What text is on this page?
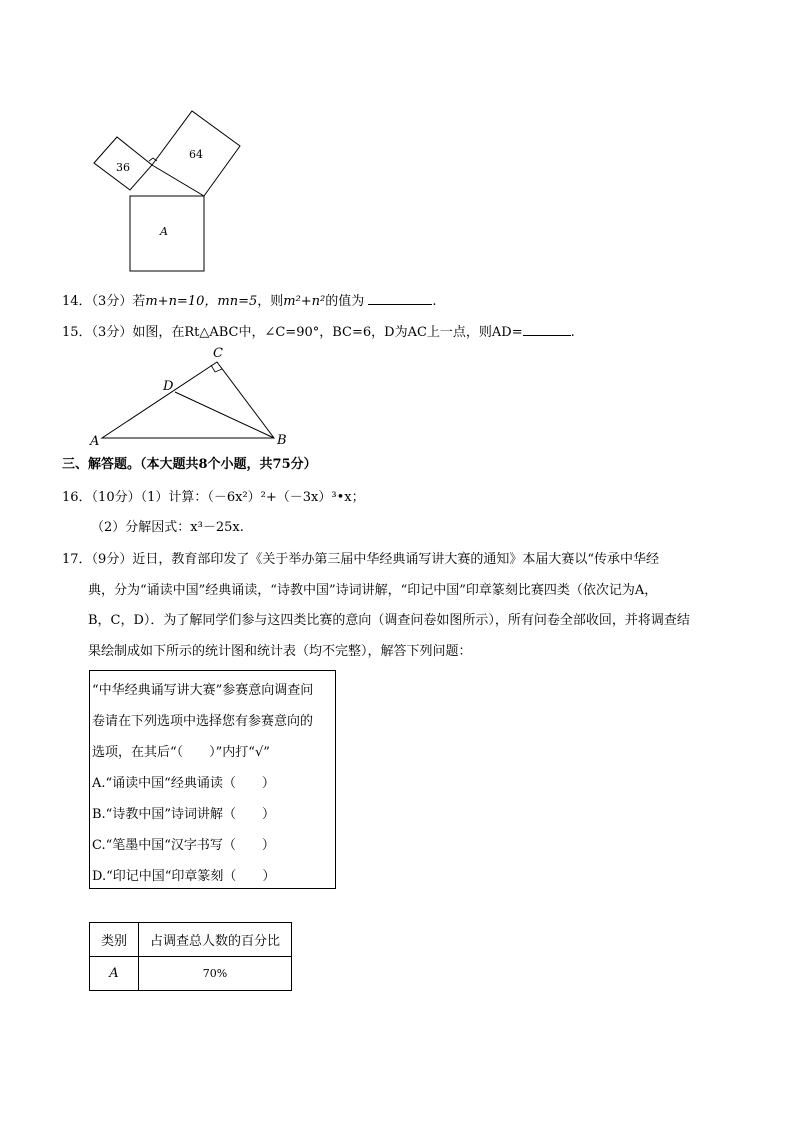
36
64
A
14．（3分）若m+n=10，mn=5，则m²+n²的值为	.
15．（3分）如图，在Rt△ABC中，∠C=90°，BC=6，D为AC上一点，则AD=	.
A	B
C
D
三、解答题。（本大题共8个小题，共75分）
16．（10分）（1）计算：（－6x²）²+（－3x）³•x；
（2）分解因式：x³－25x.
17．（9分）近日，教育部印发了《关于举办第三届中华经典诵写讲大赛的通知》本届大赛以“传承中华经
典，分为“诵读中国”经典诵读，“诗教中国”诗词讲解，“印记中国”印章篆刻比赛四类（依次记为A，
B，C，D）．为了解同学们参与这四类比赛的意向（调查问卷如图所示），所有问卷全部收回，并将调查结
果绘制成如下所示的统计图和统计表（均不完整），解答下列问题：
“中华经典诵写讲大赛”参赛意向调查问
卷请在下列选项中选择您有参赛意向的
选项，在其后“（　　）”内打“√”
A.“诵读中国“经典诵读（　　）
B.“诗教中国”诗词讲解（　　）
C.“笔墨中国“汉字书写（　　）
D.“印记中国“印章篆刻（　　）
类别	占调查总人数的百分比
A	70%
